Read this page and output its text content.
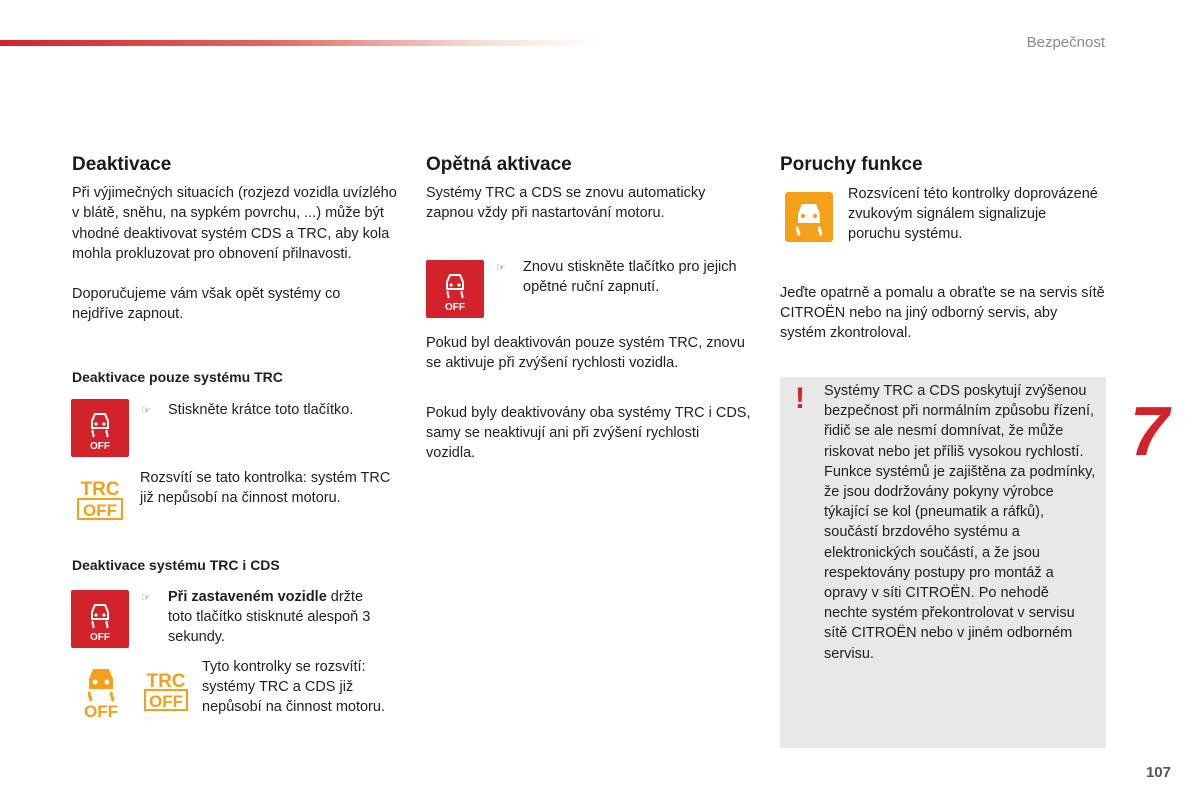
Bezpečnost
Deaktivace

Při výjimečných situacích (rozjezd vozidla uvízlého v blátě, sněhu, na sypkém povrchu, ...) může být vhodné deaktivovat systém CDS a TRC, aby kola mohla prokluzovat pro obnovení přilnavosti.

Doporučujeme vám však opět systémy co nejdříve zapnout.

Deaktivace pouze systému TRC
OFF
☞ Stiskněte krátce toto tlačítko.

TRC
OFF

Rozsvítí se tato kontrolka: systém TRC již nepůsobí na činnost motoru.

Deaktivace systému TRC i CDS
OFF
☞ Při zastaveném vozidle držte toto tlačítko stisknuté alespoň 3 sekundy.

OFF
TRC
OFF

Tyto kontrolky se rozsvítí: systémy TRC a CDS již nepůsobí na činnost motoru.

Opětná aktivace

Systémy TRC a CDS se znovu automaticky zapnou vždy při nastartování motoru.

OFF
☞ Znovu stiskněte tlačítko pro jejich opětné ruční zapnutí.

Pokud byl deaktivován pouze systém TRC, znovu se aktivuje při zvýšení rychlosti vozidla.

Pokud byly deaktivovány oba systémy TRC i CDS, samy se neaktivují ani při zvýšení rychlosti vozidla.

Poruchy funkce

Rozsvícení této kontrolky doprovázené zvukovým signálem signalizuje poruchu systému.

Jeďte opatrně a pomalu a obraťte se na servis sítě CITROËN nebo na jiný odborný servis, aby systém zkontroloval.

! Systémy TRC a CDS poskytují zvýšenou bezpečnost při normálním způsobu řízení, řidič se ale nesmí domnívat, že může riskovat nebo jet příliš vysokou rychlostí. Funkce systémů je zajištěna za podmínky, že jsou dodržovány pokyny výrobce týkající se kol (pneumatik a ráfků), součástí brzdového systému a elektronických součástí, a že jsou respektovány postupy pro montáž a opravy v síti CITROËN. Po nehodě nechte systém překontrolovat v servisu sítě CITROËN nebo v jiném odborném servisu.

7
107
